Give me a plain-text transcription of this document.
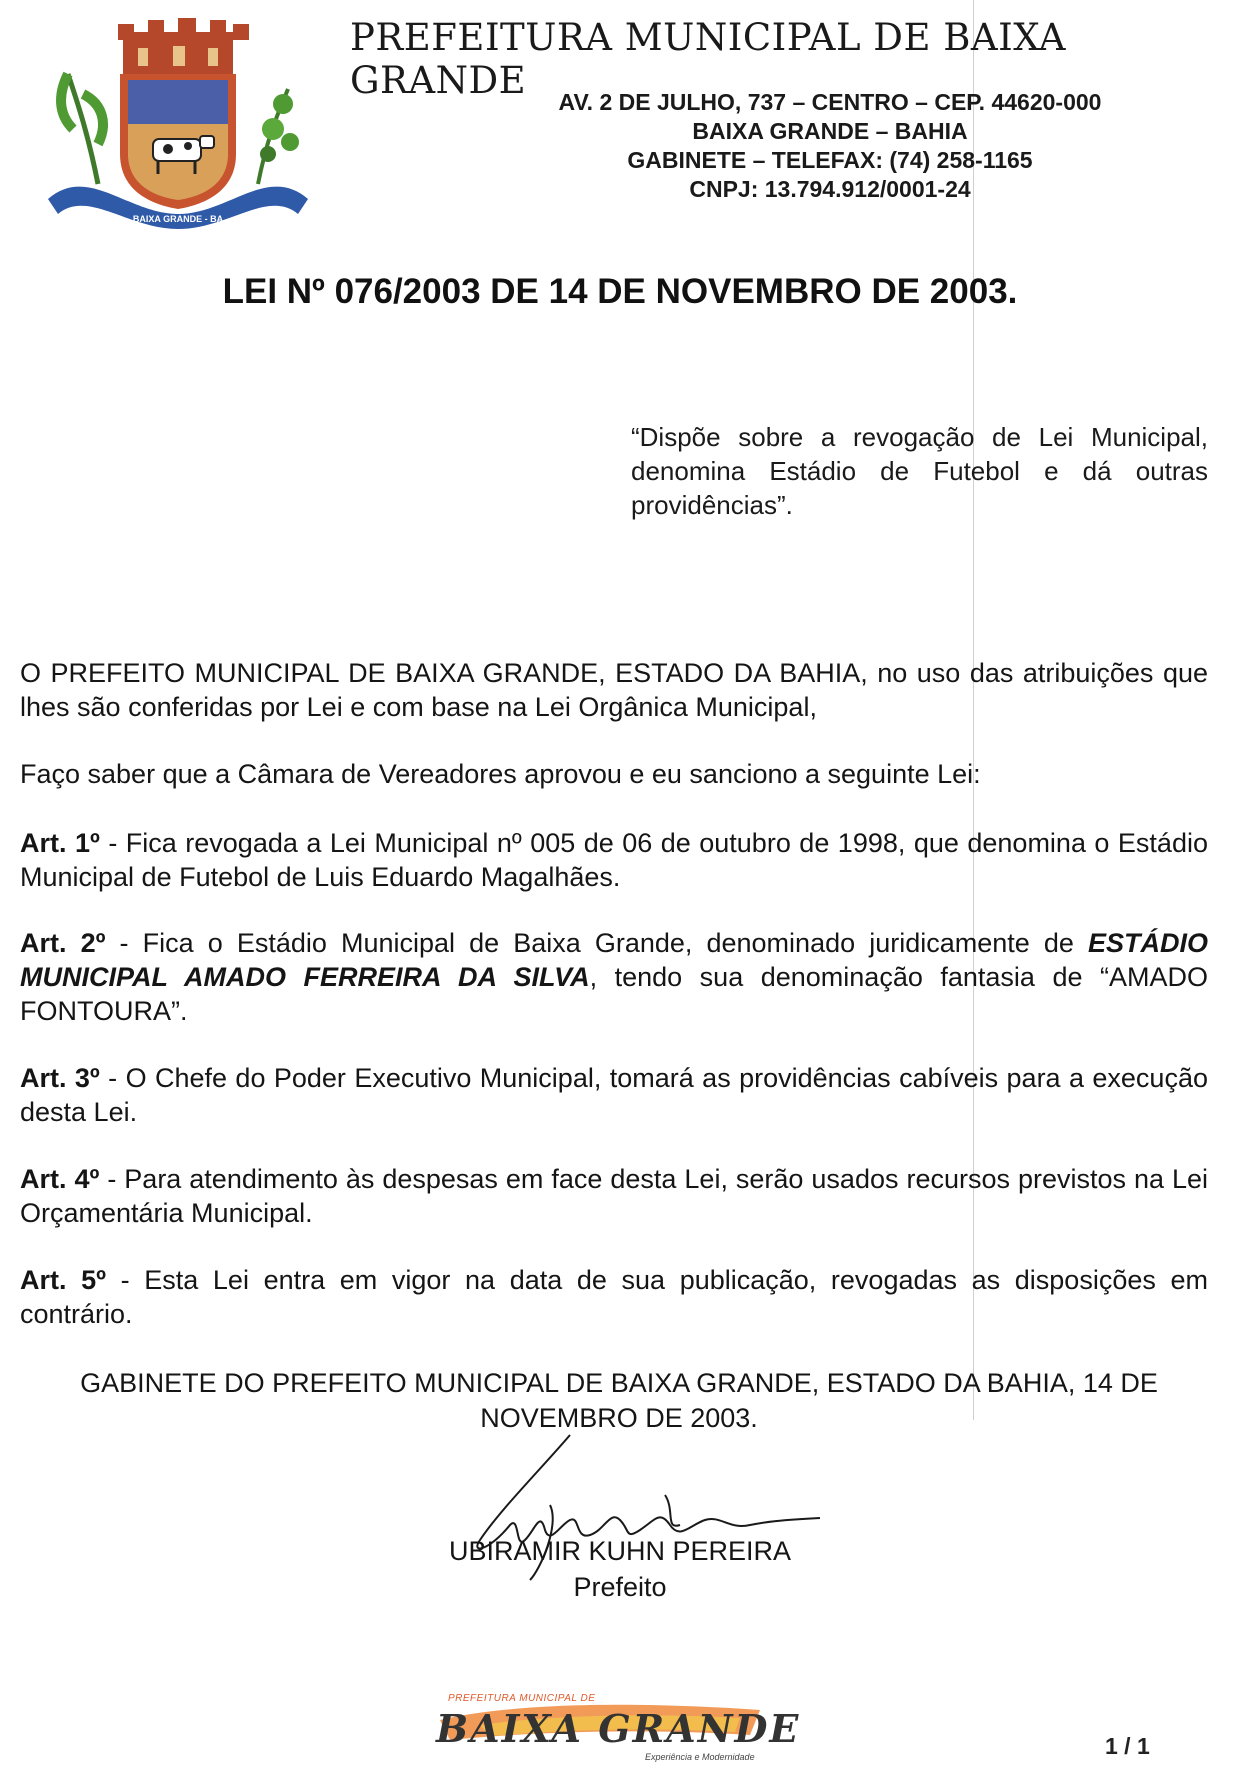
BAIXA GRANDE - BA
PREFEITURA MUNICIPAL DE BAIXA GRANDE	AV. 2 DE JULHO, 737 – CENTRO – CEP. 44620-000
BAIXA GRANDE – BAHIA
GABINETE – TELEFAX: (74) 258-1165
CNPJ: 13.794.912/0001-24
LEI Nº 076/2003 DE 14 DE NOVEMBRO DE 2003.
“Dispõe sobre a revogação de Lei Municipal, denomina Estádio de Futebol e dá outras providências”.
O PREFEITO MUNICIPAL DE BAIXA GRANDE, ESTADO DA BAHIA, no uso das atribuições que lhes são conferidas por Lei e com base na Lei Orgânica Municipal,
Faço saber que a Câmara de Vereadores aprovou e eu sanciono a seguinte Lei:
Art. 1º - Fica revogada a Lei Municipal nº 005 de 06 de outubro de 1998, que denomina o Estádio Municipal de Futebol de Luis Eduardo Magalhães.
Art. 2º - Fica o Estádio Municipal de Baixa Grande, denominado juridicamente de ESTÁDIO MUNICIPAL AMADO FERREIRA DA SILVA, tendo sua denominação fantasia de “AMADO FONTOURA”.
Art. 3º - O Chefe do Poder Executivo Municipal, tomará as providências cabíveis para a execução desta Lei.
Art. 4º - Para atendimento às despesas em face desta Lei, serão usados recursos previstos na Lei Orçamentária Municipal.
Art. 5º - Esta Lei entra em vigor na data de sua publicação, revogadas as disposições em contrário.
GABINETE DO PREFEITO MUNICIPAL DE BAIXA GRANDE, ESTADO DA BAHIA, 14 DE NOVEMBRO DE 2003.
UBIRAMIR KUHN PEREIRA
Prefeito
PREFEITURA MUNICIPAL DE
BAIXA GRANDE
Experiência e Modernidade	1 / 1
